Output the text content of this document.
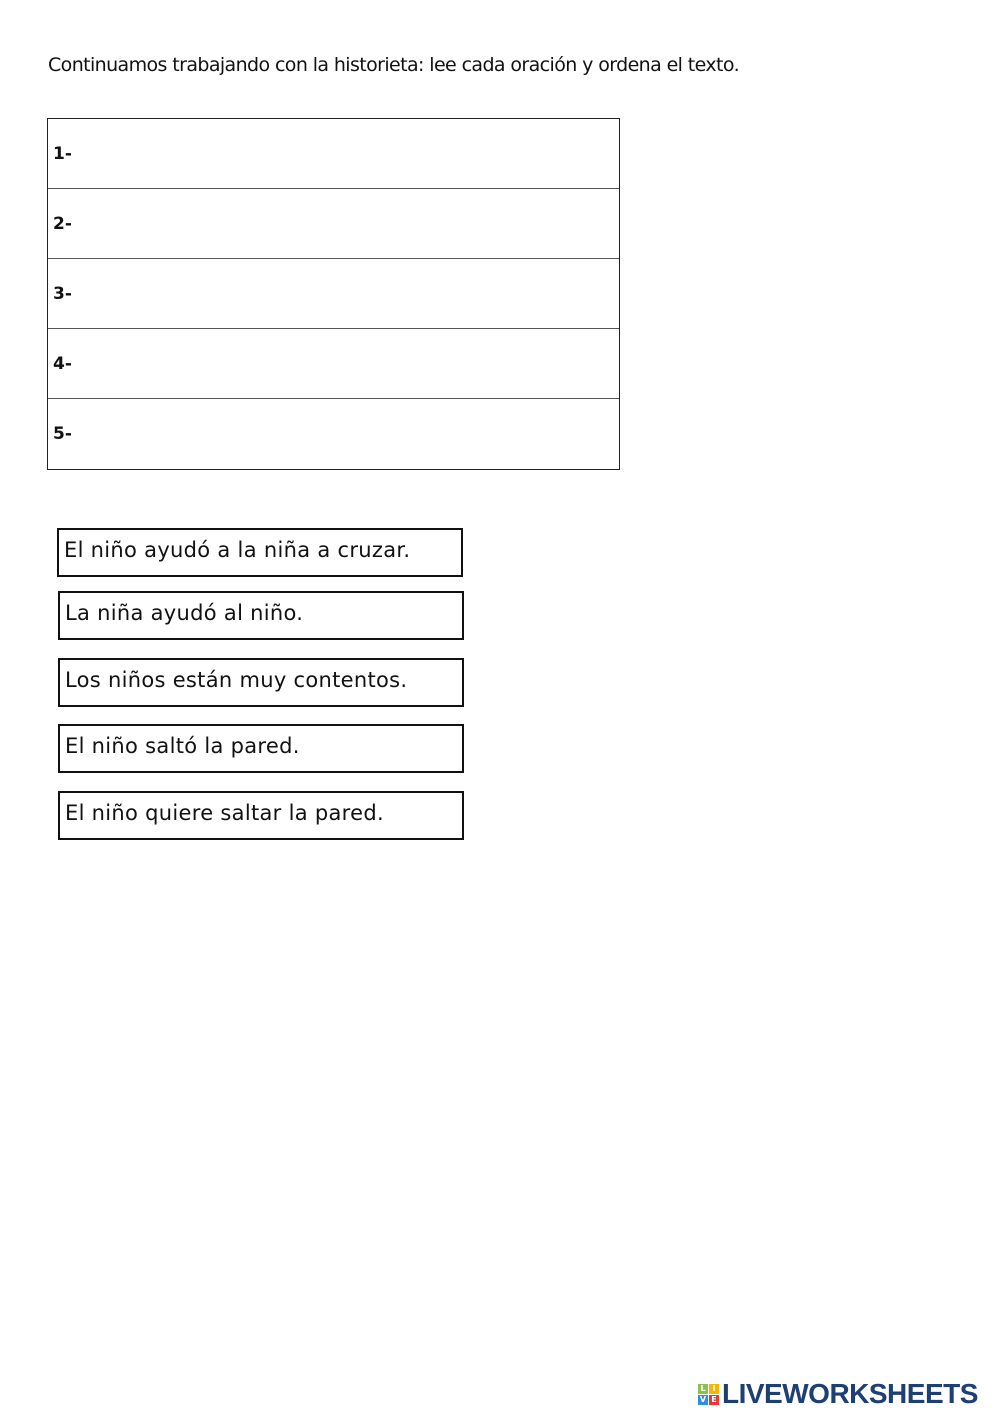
Continuamos trabajando con la historieta: lee cada oración y ordena el texto.
1-
2-
3-
4-
5-
El niño ayudó a la niña a cruzar.
La niña ayudó al niño.
Los niños están muy contentos.
El niño saltó la pared.
El niño quiere saltar la pared.
L I
V E LIVEWORKSHEETS
